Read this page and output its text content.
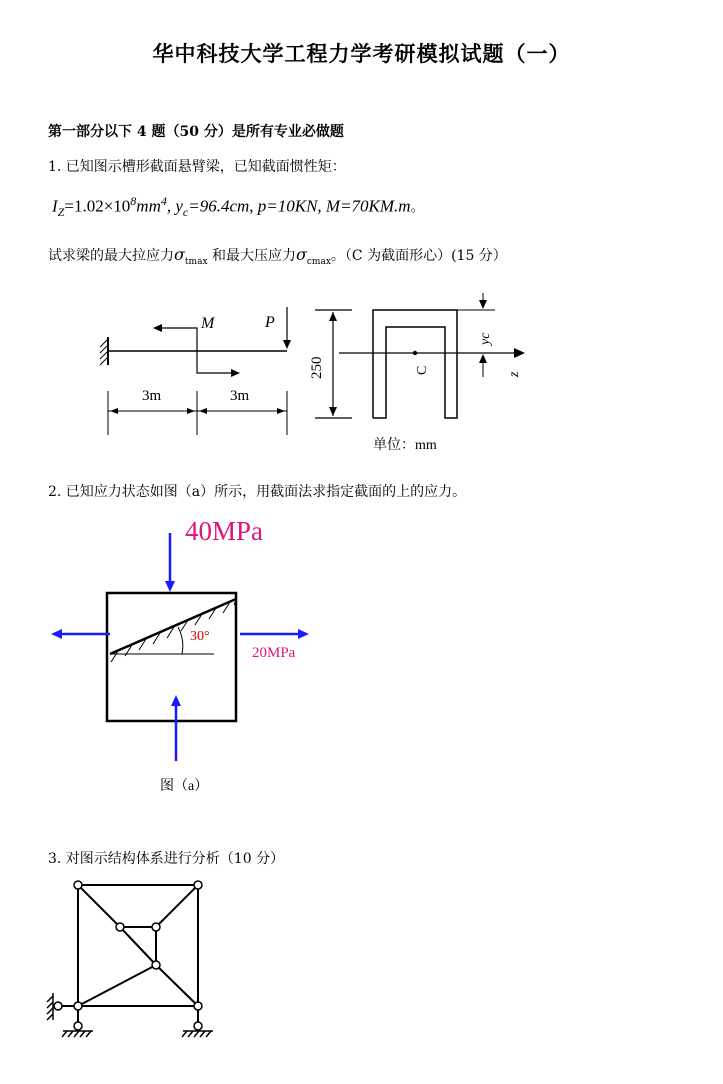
华中科技大学工程力学考研模拟试题（一）
第一部分以下 4 题（50 分）是所有专业必做题
1. 已知图示槽形截面悬臂梁，已知截面惯性矩：
$I_Z=1.02\times 10^8mm^4$, $y_c=96.4cm$, p=10KN, M=70KM.m。
试求梁的最大拉应力$\sigma_{tmax}$ 和最大压应力$\sigma_{cmax}$。（C 为截面形心）(15 分）
M	P
3m	3m
250	z
C
yc
单位：mm
2. 已知应力状态如图（a）所示，用截面法求指定截面的上的应力。
40MPa
20MPa
30°
图（a）
3. 对图示结构体系进行分析（10 分）
